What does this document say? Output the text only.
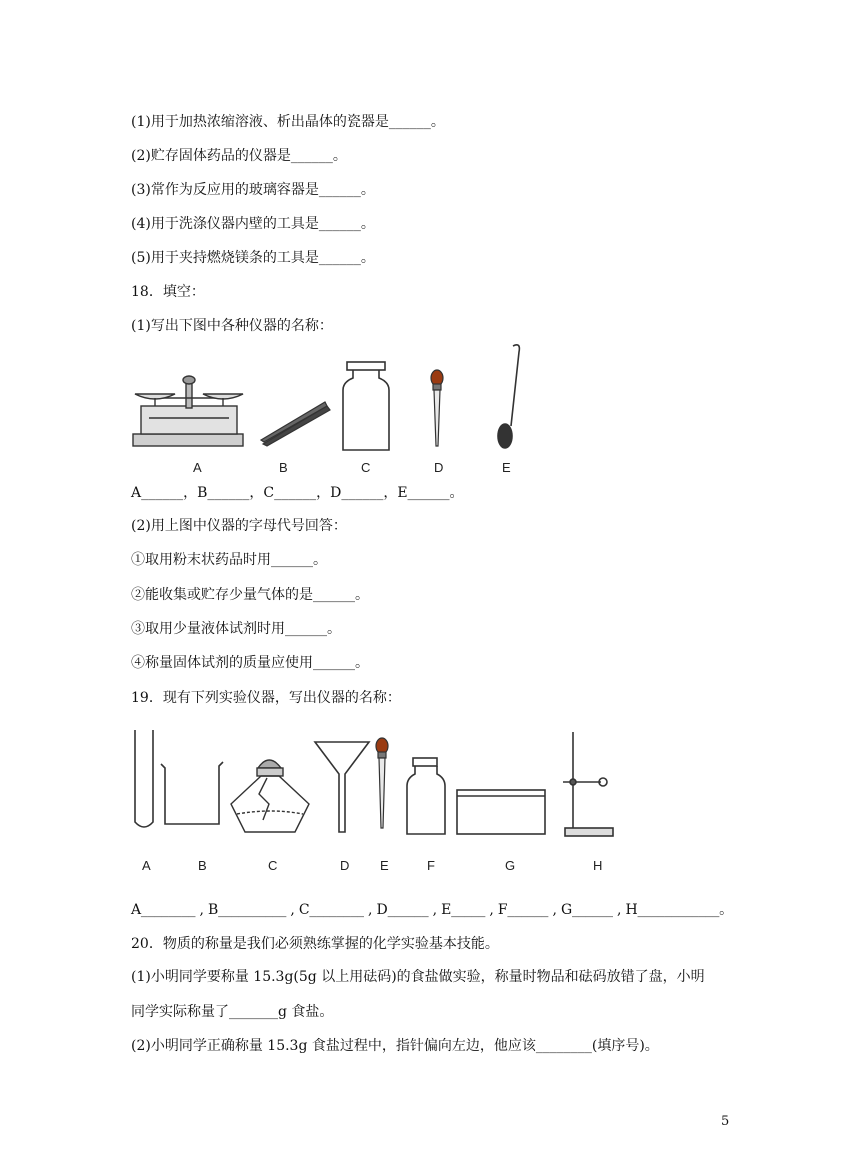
(1)用于加热浓缩溶液、析出晶体的瓷器是______。
(2)贮存固体药品的仪器是______。
(3)常作为反应用的玻璃容器是______。
(4)用于洗涤仪器内壁的工具是______。
(5)用于夹持燃烧镁条的工具是______。
18．填空：
(1)写出下图中各种仪器的名称：
A	B	C	D	E
A______，B______，C______，D______，E______。
(2)用上图中仪器的字母代号回答：
①取用粉末状药品时用______。
②能收集或贮存少量气体的是______。
③取用少量液体试剂时用______。
④称量固体试剂的质量应使用______。
19．现有下列实验仪器，写出仪器的名称：
A	B	C	D E	F	G	H
A________ , B__________ , C________ , D______ , E_____ , F______ , G______ , H____________。
20．物质的称量是我们必须熟练掌握的化学实验基本技能。
(1)小明同学要称量 15.3g(5g 以上用砝码)的食盐做实验，称量时物品和砝码放错了盘，小明
同学实际称量了_______g 食盐。
(2)小明同学正确称量 15.3g 食盐过程中，指针偏向左边，他应该________(填序号)。
5
